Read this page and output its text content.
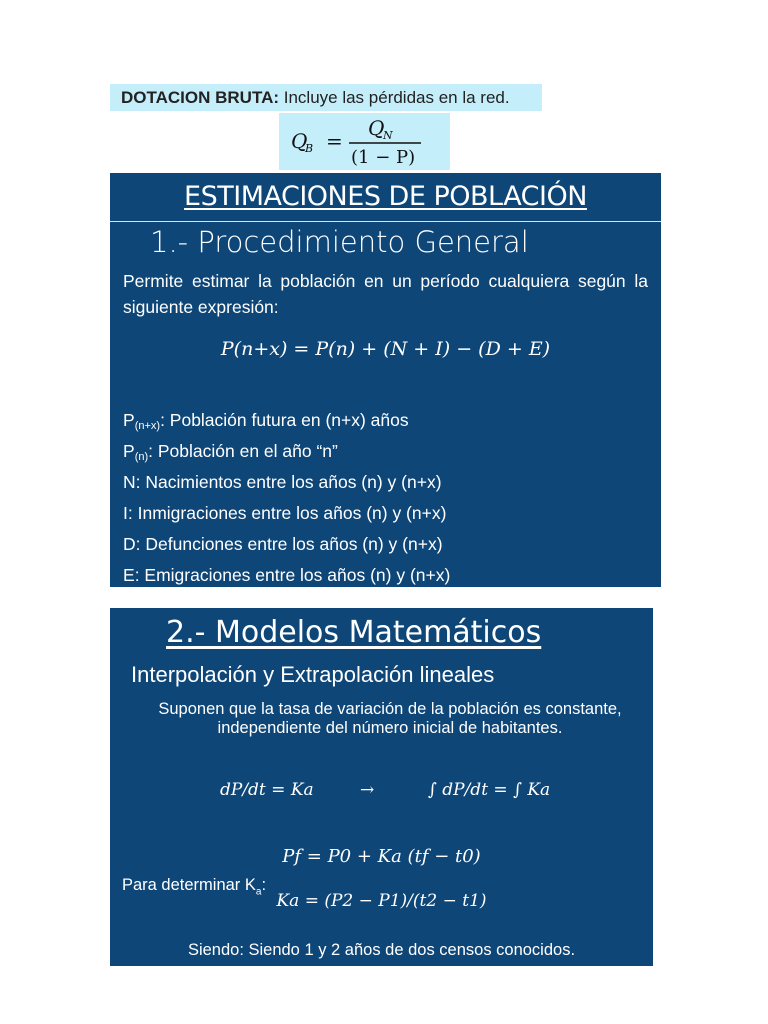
DOTACION BRUTA: Incluye las pérdidas en la red.
Q
B =
Q
N
(1 − P)
ESTIMACIONES DE POBLACIÓN
1.- Procedimiento General
Permite estimar la población en un período cualquiera según la siguiente expresión:
P(n+x) = P(n) + (N + I) − (D + E)
$P_{(n+x)}$: Población futura en (n+x) años
$P_{(n)}$: Población en el año “n”
N: Nacimientos entre los años (n) y (n+x)
I: Inmigraciones entre los años (n) y (n+x)
D: Defunciones entre los años (n) y (n+x)
E: Emigraciones entre los años (n) y (n+x)
2.- Modelos Matemáticos
Interpolación y Extrapolación lineales
Suponen que la tasa de variación de la población es constante, independiente del número inicial de habitantes.
dP/dt = Ka	→	∫ dP/dt = ∫ Ka
Pf = P0 + Ka (tf − t0)
Para determinar $K_a$:
Ka = (P2 − P1)/(t2 − t1)
Siendo: Siendo 1 y 2 años de dos censos conocidos.
